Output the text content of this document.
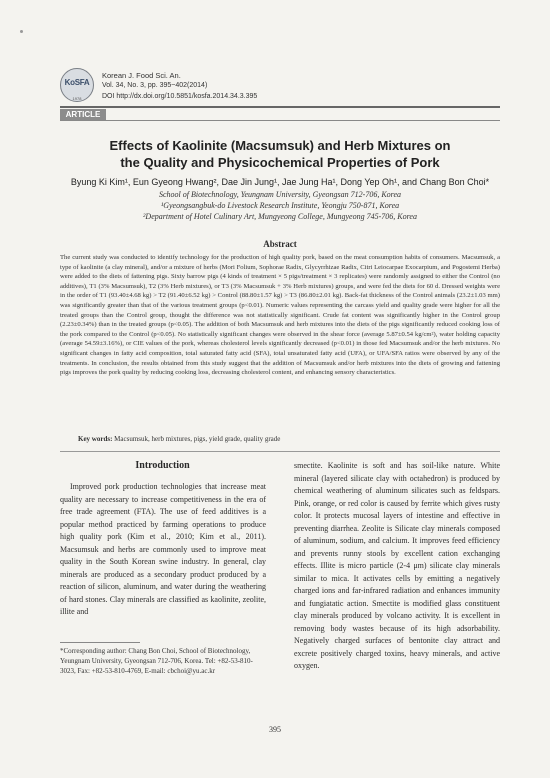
KoSFA
1978
Korean J. Food Sci. An.
Vol. 34, No. 3, pp. 395~402(2014)
DOI http://dx.doi.org/10.5851/kosfa.2014.34.3.395
ARTICLE
Effects of Kaolinite (Macsumsuk) and Herb Mixtures on
the Quality and Physicochemical Properties of Pork
Byung Ki Kim¹, Eun Gyeong Hwang², Dae Jin Jung¹, Jae Jung Ha¹, Dong Yep Oh¹, and Chang Bon Choi*
School of Biotechnology, Yeungnam University, Gyeongsan 712-706, Korea
¹Gyeongsangbuk-do Livestock Research Institute, Yeongju 750-871, Korea
²Department of Hotel Culinary Art, Mungyeong College, Mungyeong 745-706, Korea
Abstract
The current study was conducted to identify technology for the production of high quality pork, based on the meat consumption habits of consumers. Macsumsuk, a type of kaolinite (a clay mineral), and/or a mixture of herbs (Mori Folium, Sophorae Radix, Glycyrrhizae Radix, Citri Leiocarpae Exocarpium, and Pogostemi Herba) were added to the diets of fattening pigs. Sixty barrow pigs (4 kinds of treatment × 5 pigs/treatment × 3 replicates) were randomly assigned to either the Control (no additives), T1 (3% Macsumsuk), T2 (3% Herb mixtures), or T3 (3% Macsumsuk + 3% Herb mixtures) groups, and were fed the diets for 60 d. Dressed weights were in the order of T1 (93.40±4.68 kg) > T2 (91.40±6.52 kg) > Control (88.80±1.57 kg) > T3 (86.80±2.01 kg). Back-fat thickness of the Control animals (23.2±1.03 mm) was significantly greater than that of the various treatment groups (p<0.01). Numeric values representing the carcass yield and quality grade were higher for all the treated groups than the Control group, thought the difference was not statistically significant. Crude fat content was significantly higher in the Control group (2.23±0.34%) than in the treated groups (p<0.05). The addition of both Macsumsuk and herb mixtures into the diets of the pigs significantly reduced cooking loss of the pork compared to the Control (p<0.05). No statistically significant changes were observed in the shear force (average 5.87±0.54 kg/cm²), water holding capacity (average 54.59±3.16%), or CIE values of the pork, whereas cholesterol levels significantly decreased (p<0.01) in those fed Macsumsuk and/or the herb mixtures. No significant changes in fatty acid composition, total saturated fatty acid (SFA), total unsaturated fatty acid (UFA), or UFA/SFA ratios were observed by any of the treatments. In conclusion, the results obtained from this study suggest that the addition of Macsumsuk and/or herb mixtures into the diets of growing and fattening pigs improves the pork quality by reducing cooking loss, decreasing cholesterol content, and enhancing sensory characteristics.
Key words: Macsumsuk, herb mixtures, pigs, yield grade, quality grade
Introduction

Improved pork production technologies that increase meat quality are necessary to increase competitiveness in the era of free trade agreement (FTA). The use of feed additives is a popular method practiced by farming operations to produce high quality pork (Kim et al., 2010; Kim et al., 2011). Macsumsuk and herbs are commonly used to improve meat quality in the South Korean swine industry. In general, clay minerals are produced as a secondary product produced by a reaction of silicon, aluminum, and water during the weathering of hard stones. Clay minerals are classified as kaolinite, zeolite, illite and

*Corresponding author: Chang Bon Choi, School of Biotechnology, Yeungnam University, Gyeongsan 712-706, Korea. Tel: +82-53-810-3023, Fax: +82-53-810-4769, E-mail: cbchoi@yu.ac.kr

smectite. Kaolinite is soft and has soil-like nature. White mineral (layered silicate clay with octahedron) is produced by chemical weathering of aluminum silicates such as feldspars. Pink, orange, or red color is caused by ferrite which gives rusty color. It protects mucosal layers of intestine and effective in preventing diarrhea. Zeolite is Silicate clay minerals composed of aluminum, sodium, and calcium. It improves feed efficiency and prevents runny stools by excellent cation exchanging effects. Illite is micro particle (2-4 μm) silicate clay minerals similar to mica. It activates cells by emitting a negatively charged ions and far-infrared radiation and enhances immunity and fungiatatic action. Smectite is modified glass constituent clay minerals produced by volcano activity. It is excellent in removing body wastes because of its high adsorbability. Negatively charged surfaces of bentonite clay attract and excrete positively charged toxins, heavy minerals, and active oxygen.

395
